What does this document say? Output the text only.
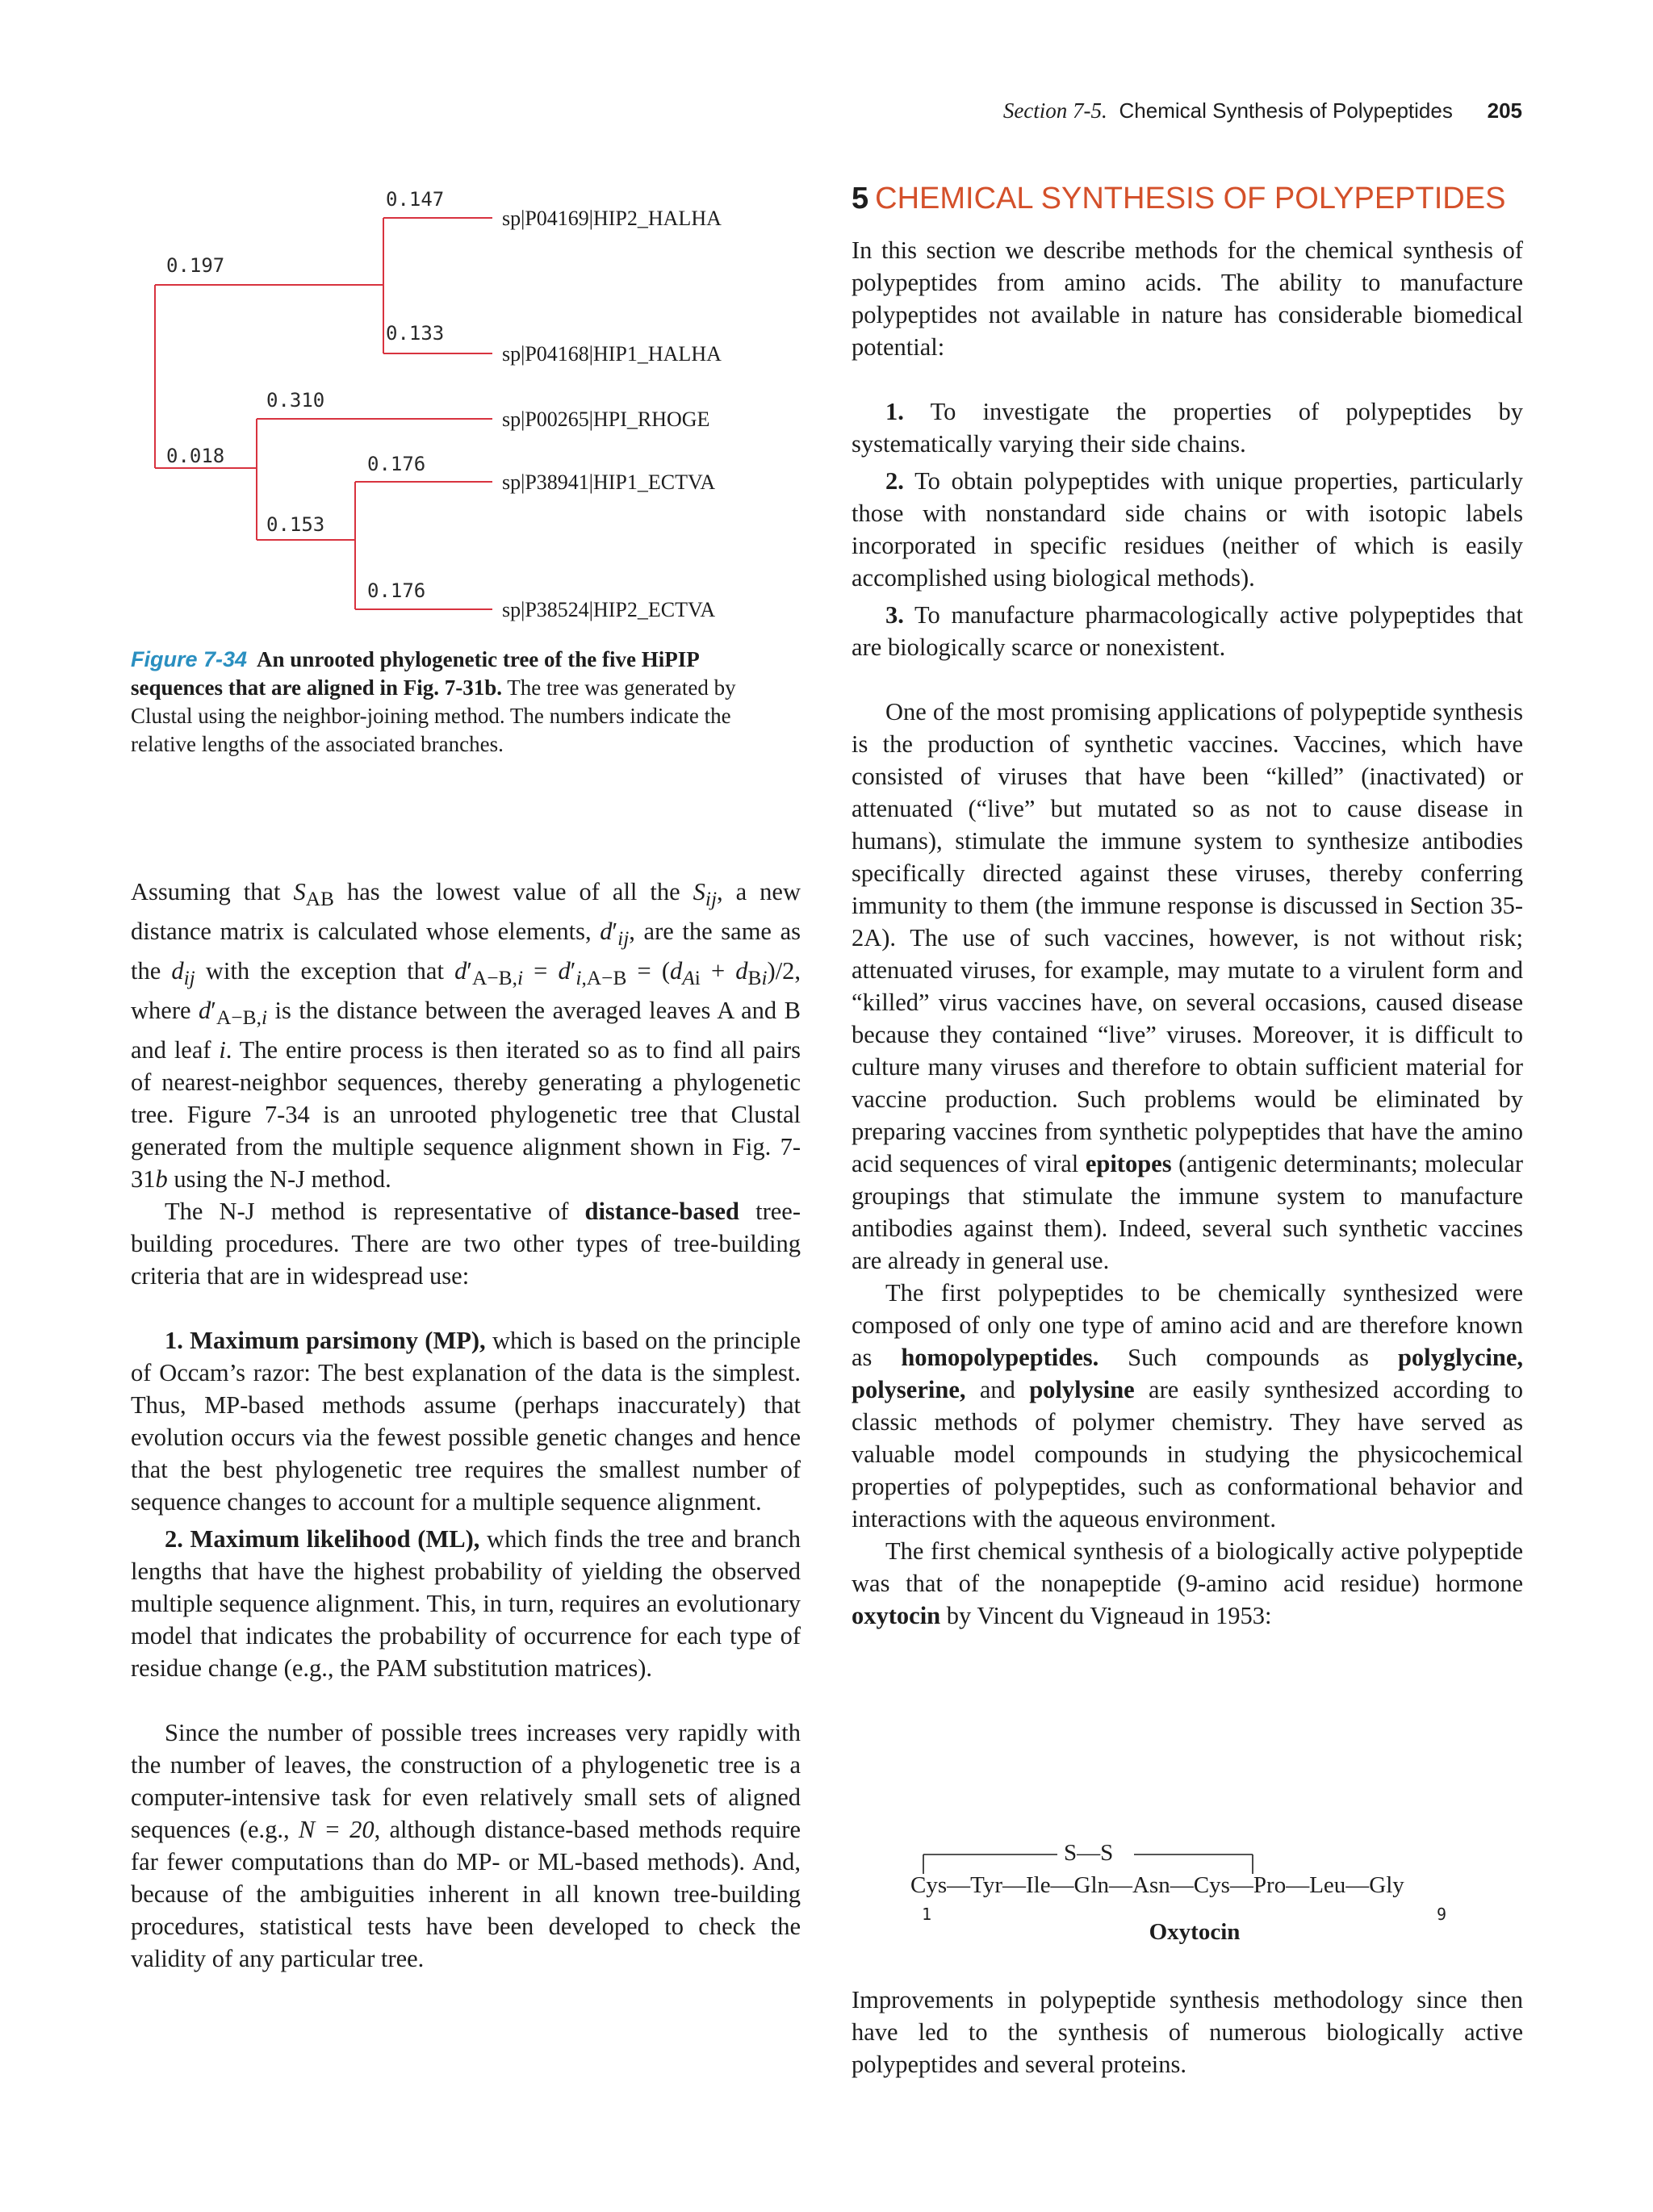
Section 7-5. Chemical Synthesis of Polypeptides 205
0.147
0.197
0.133
0.310
0.018	0.176
0.153
0.176
sp|P04169|HIP2_HALHA
sp|P04168|HIP1_HALHA
sp|P00265|HPI_RHOGE
sp|P38941|HIP1_ECTVA
sp|P38524|HIP2_ECTVA
Figure 7-34 An unrooted phylogenetic tree of the five HiPIP sequences that are aligned in Fig. 7-31b. The tree was generated by Clustal using the neighbor-joining method. The numbers indicate the relative lengths of the associated branches.

Assuming that $S_{AB}$ has the lowest value of all the $S_{ij}$, a new distance matrix is calculated whose elements, $d'_{ij}$, are the same as the $d_{ij}$ with the exception that $d'_{A-B,i} = d'_{i,A-B} = (d_{Ai} + d_{Bi})/2$, where $d'_{A-B,i}$ is the distance between the averaged leaves A and B and leaf i. The entire process is then iterated so as to find all pairs of nearest-neighbor sequences, thereby generating a phylogenetic tree. Figure 7-34 is an unrooted phylogenetic tree that Clustal generated from the multiple sequence alignment shown in Fig. 7-31b using the N-J method.

The N-J method is representative of distance-based tree-building procedures. There are two other types of tree-building criteria that are in widespread use:

1. Maximum parsimony (MP), which is based on the principle of Occam’s razor: The best explanation of the data is the simplest. Thus, MP-based methods assume (perhaps inaccurately) that evolution occurs via the fewest possible genetic changes and hence that the best phylogenetic tree requires the smallest number of sequence changes to account for a multiple sequence alignment.

2. Maximum likelihood (ML), which finds the tree and branch lengths that have the highest probability of yielding the observed multiple sequence alignment. This, in turn, requires an evolutionary model that indicates the probability of occurrence for each type of residue change (e.g., the PAM substitution matrices).

Since the number of possible trees increases very rapidly with the number of leaves, the construction of a phylogenetic tree is a computer-intensive task for even relatively small sets of aligned sequences (e.g., N = 20, although distance-based methods require far fewer computations than do MP- or ML-based methods). And, because of the ambiguities inherent in all known tree-building procedures, statistical tests have been developed to check the validity of any particular tree.

5 CHEMICAL SYNTHESIS OF POLYPEPTIDES

In this section we describe methods for the chemical synthesis of polypeptides from amino acids. The ability to manufacture polypeptides not available in nature has considerable biomedical potential:

1. To investigate the properties of polypeptides by systematically varying their side chains.

2. To obtain polypeptides with unique properties, particularly those with nonstandard side chains or with isotopic labels incorporated in specific residues (neither of which is easily accomplished using biological methods).

3. To manufacture pharmacologically active polypeptides that are biologically scarce or nonexistent.

One of the most promising applications of polypeptide synthesis is the production of synthetic vaccines. Vaccines, which have consisted of viruses that have been “killed” (inactivated) or attenuated (“live” but mutated so as not to cause disease in humans), stimulate the immune system to synthesize antibodies specifically directed against these viruses, thereby conferring immunity to them (the immune response is discussed in Section 35-2A). The use of such vaccines, however, is not without risk; attenuated viruses, for example, may mutate to a virulent form and “killed” virus vaccines have, on several occasions, caused disease because they contained “live” viruses. Moreover, it is difficult to culture many viruses and therefore to obtain sufficient material for vaccine production. Such problems would be eliminated by preparing vaccines from synthetic polypeptides that have the amino acid sequences of viral epitopes (antigenic determinants; molecular groupings that stimulate the immune system to manufacture antibodies against them). Indeed, several such synthetic vaccines are already in general use.

The first polypeptides to be chemically synthesized were composed of only one type of amino acid and are therefore known as homopolypeptides. Such compounds as polyglycine, polyserine, and polylysine are easily synthesized according to classic methods of polymer chemistry. They have served as valuable model compounds in studying the physicochemical properties of polypeptides, such as conformational behavior and interactions with the aqueous environment.

The first chemical synthesis of a biologically active polypeptide was that of the nonapeptide (9-amino acid residue) hormone oxytocin by Vincent du Vigneaud in 1953:

S—S
Cys—Tyr—Ile—Gln—Asn—Cys—Pro—Leu—Gly
1	9
Oxytocin

Improvements in polypeptide synthesis methodology since then have led to the synthesis of numerous biologically active polypeptides and several proteins.
